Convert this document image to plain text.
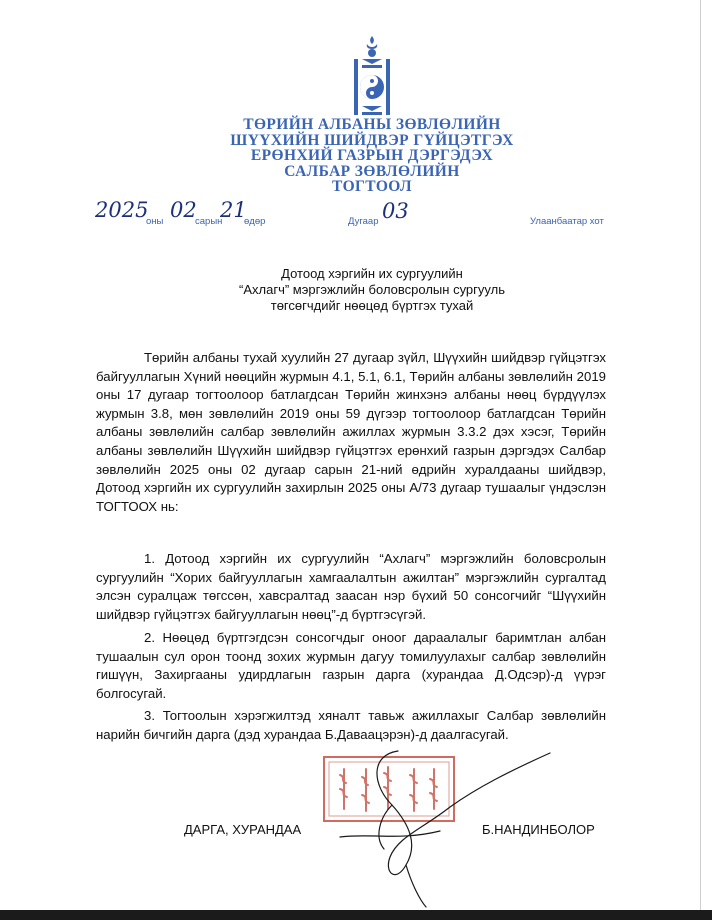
ТӨРИЙН АЛБАНЫ ЗӨВЛӨЛИЙН
ШҮҮХИЙН ШИЙДВЭР ГҮЙЦЭТГЭХ
ЕРӨНХИЙ ГАЗРЫН ДЭРГЭДЭХ
САЛБАР ЗӨВЛӨЛИЙН
ТОГТООЛ
2025
оны 02
сарын
21
өдөр	Дугаар 03	Улаанбаатар хот
Дотоод хэргийн их сургуулийн
“Ахлагч” мэргэжлийн боловсролын сургууль
төгсөгчдийг нөөцөд бүртгэх тухай

Төрийн албаны тухай хуулийн 27 дугаар зүйл, Шүүхийн шийдвэр гүйцэтгэх байгууллагын Хүний нөөцийн журмын 4.1, 5.1, 6.1, Төрийн албаны зөвлөлийн 2019 оны 17 дугаар тогтоолоор батлагдсан Төрийн жинхэнэ албаны нөөц бүрдүүлэх журмын 3.8, мөн зөвлөлийн 2019 оны 59 дүгээр тогтоолоор батлагдсан Төрийн албаны зөвлөлийн салбар зөвлөлийн ажиллах журмын 3.3.2 дэх хэсэг, Төрийн албаны зөвлөлийн Шүүхийн шийдвэр гүйцэтгэх ерөнхий газрын дэргэдэх Салбар зөвлөлийн 2025 оны 02 дугаар сарын 21-ний өдрийн хуралдааны шийдвэр, Дотоод хэргийн их сургуулийн захирлын 2025 оны А/73 дугаар тушаалыг үндэслэн ТОГТООХ нь:

1. Дотоод хэргийн их сургуулийн “Ахлагч” мэргэжлийн боловсролын сургуулийн “Хорих байгууллагын хамгаалалтын ажилтан” мэргэжлийн сургалтад элсэн суралцаж төгссөн, хавсралтад заасан нэр бүхий 50 сонсогчийг “Шүүхийн шийдвэр гүйцэтгэх байгууллагын нөөц”-д бүртгэсүгэй.

2. Нөөцөд бүртгэгдсэн сонсогчдыг оноог дараалалыг баримтлан албан тушаалын сул орон тоонд зохих журмын дагуу томилуулахыг салбар зөвлөлийн гишүүн, Захиргааны удирдлагын газрын дарга (хурандаа Д.Одсэр)-д үүрэг болгосугай.

3. Тогтоолын хэрэгжилтэд хяналт тавьж ажиллахыг Салбар зөвлөлийн нарийн бичгийн дарга (дэд хурандаа Б.Даваацэрэн)-д даалгасугай.

ДАРГА, ХУРАНДАА	Б.НАНДИНБОЛОР
